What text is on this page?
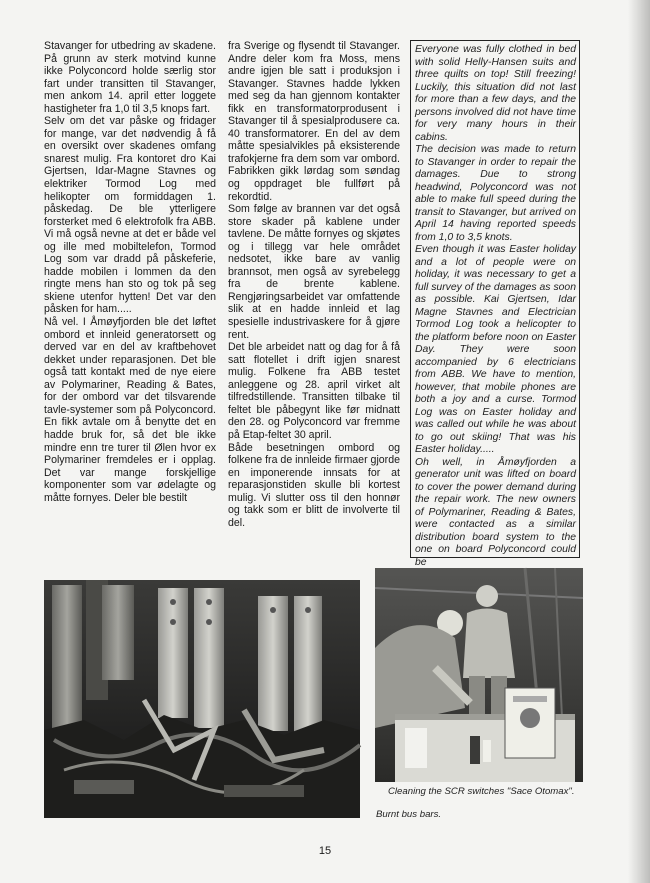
Stavanger for utbedring av skadene. På grunn av sterk motvind kunne ikke Polyconcord holde særlig stor fart under transitten til Stavanger, men ankom 14. april etter loggete hastigheter fra 1,0 til 3,5 knops fart.
Selv om det var påske og fridager for mange, var det nødvendig å få en oversikt over skadenes omfang snarest mulig. Fra kontoret dro Kai Gjertsen, Idar-Magne Stavnes og elektriker Tormod Log med helikopter om formiddagen 1. påskedag. De ble ytterligere forsterket med 6 elektrofolk fra ABB. Vi må også nevne at det er både vel og ille med mobiltelefon, Tormod Log som var dradd på påskeferie, hadde mobilen i lommen da den ringte mens han sto og tok på seg skiene utenfor hytten! Det var den påsken for ham.....
Nå vel. I Åmøyfjorden ble det løftet ombord et innleid generatorsett og derved var en del av kraftbehovet dekket under reparasjonen. Det ble også tatt kontakt med de nye eiere av Polymariner, Reading & Bates, for der ombord var det tilsvarende tavle-systemer som på Polyconcord. En fikk avtale om å benytte det en hadde bruk for, så det ble ikke mindre enn tre turer til Ølen hvor ex Polymariner fremdeles er i opplag. Det var mange forskjellige komponenter som var ødelagte og måtte fornyes. Deler ble bestilt

fra Sverige og flysendt til Stavanger. Andre deler kom fra Moss, mens andre igjen ble satt i produksjon i Stavanger. Stavnes hadde lykken med seg da han gjennom kontakter fikk en transformatorprodusent i Stavanger til å spesialprodusere ca. 40 transformatorer. En del av dem måtte spesialvikles på eksisterende trafokjerne fra dem som var ombord. Fabrikken gikk lørdag som søndag og oppdraget ble fullført på rekordtid.
Som følge av brannen var det også store skader på kablene under tavlene. De måtte fornyes og skjøtes og i tillegg var hele området nedsotet, ikke bare av vanlig brannsot, men også av syrebelegg fra de brente kablene. Rengjøringsarbeidet var omfattende slik at en hadde innleid et lag spesielle industrivaskere for å gjøre rent.
Det ble arbeidet natt og dag for å få satt flotellet i drift igjen snarest mulig. Folkene fra ABB testet anleggene og 28. april virket alt tilfredstillende. Transitten tilbake til feltet ble påbegynt like før midnatt den 28. og Polyconcord var fremme på Etap-feltet 30 april.
Både besetningen ombord og folkene fra de innleide firmaer gjorde en imponerende innsats for at reparasjonstiden skulle bli kortest mulig. Vi slutter oss til den honnør og takk som er blitt de involverte til del.

Everyone was fully clothed in bed with solid Helly-Hansen suits and three quilts on top! Still freezing! Luckily, this situation did not last for more than a few days, and the persons involved did not have time for very many hours in their cabins.
The decision was made to return to Stavanger in order to repair the damages. Due to strong headwind, Polyconcord was not able to make full speed during the transit to Stavanger, but arrived on April 14 having reported speeds from 1,0 to 3,5 knots.
Even though it was Easter holiday and a lot of people were on holiday, it was necessary to get a full survey of the damages as soon as possible. Kai Gjertsen, Idar Magne Stavnes and Electrician Tormod Log took a helicopter to the platform before noon on Easter Day. They were soon accompanied by 6 electricians from ABB. We have to mention, however, that mobile phones are both a joy and a curse. Tormod Log was on Easter holiday and was called out while he was about to go out skiing! That was his Easter holiday.....
Oh well, in Åmøyfjorden a generator unit was lifted on board to cover the power demand during the repair work. The new owners of Polymariner, Reading & Bates, were contacted as a similar distribution board system to the one on board Polyconcord could be

Cleaning the SCR switches "Sace Otomax".
Burnt bus bars.
15
